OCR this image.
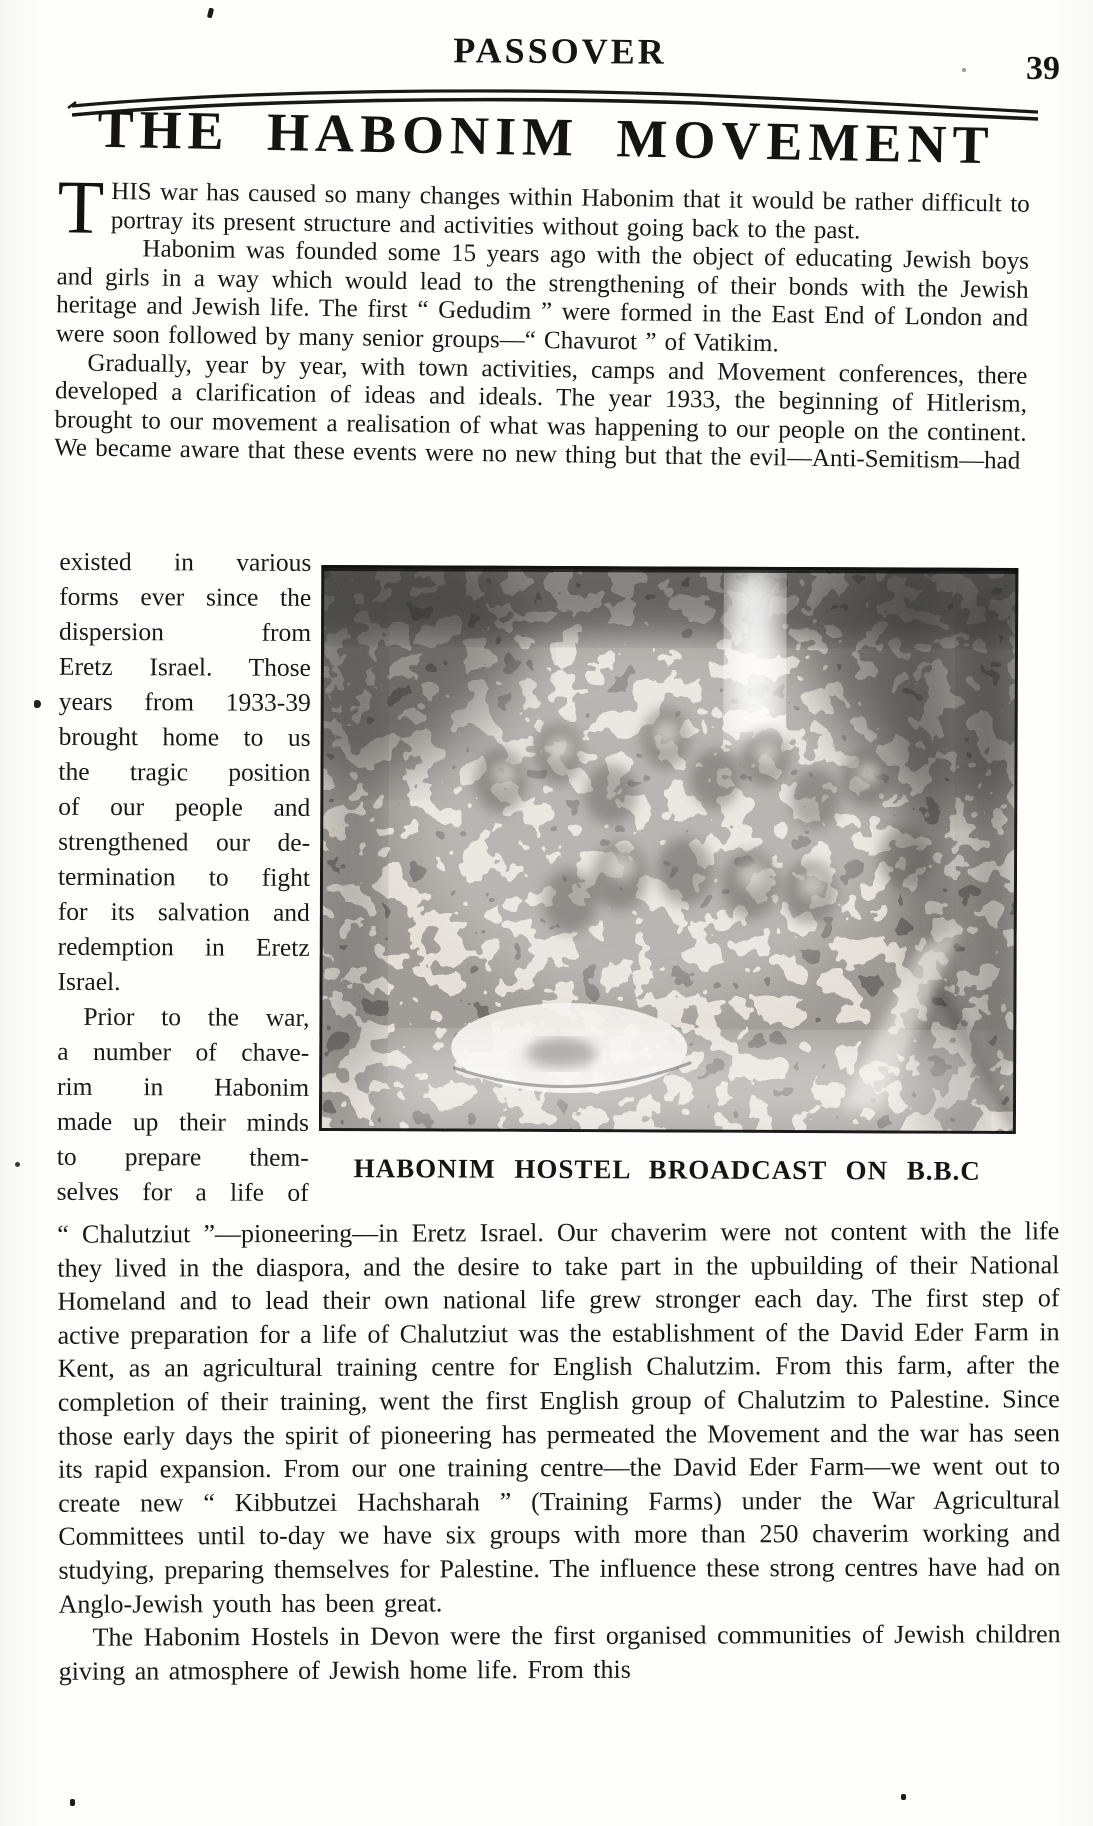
PASSOVER	39
THE HABONIM MOVEMENT

THIS war has caused so many changes within Habonim that it would be rather difficult to portray its present structure and activities without going back to the past.

Habonim was founded some 15 years ago with the object of educating Jewish boys and girls in a way which would lead to the strengthening of their bonds with the Jewish heritage and Jewish life. The first “ Gedudim ” were formed in the East End of London and were soon followed by many senior groups—“ Chavurot ” of Vatikim.

Gradually, year by year, with town activities, camps and Movement conferences, there developed a clarification of ideas and ideals. The year 1933, the beginning of Hitlerism, brought to our movement a realisation of what was happening to our people on the continent. We became aware that these events were no new thing but that the evil—Anti-Semitism—had

existed in various
forms ever since the
dispersion from
Eretz Israel. Those
years from 1933-39
brought home to us
the tragic position
of our people and
strengthened our de-
termination to fight
for its salvation and
redemption in Eretz
Israel.
Prior to the war,
a number of chave-
rim in Habonim
made up their minds
to prepare them-
selves for a life of
HABONIM HOSTEL BROADCAST ON B.B.C

“ Chalutziut ”—pioneering—in Eretz Israel. Our chaverim were not content with the life they lived in the diaspora, and the desire to take part in the upbuilding of their National Homeland and to lead their own national life grew stronger each day. The first step of active preparation for a life of Chalutziut was the establishment of the David Eder Farm in Kent, as an agricultural training centre for English Chalutzim. From this farm, after the completion of their training, went the first English group of Chalutzim to Palestine. Since those early days the spirit of pioneering has permeated the Movement and the war has seen its rapid expansion. From our one training centre—the David Eder Farm—we went out to create new “ Kibbutzei Hachsharah ” (Training Farms) under the War Agricultural Committees until to-day we have six groups with more than 250 chaverim working and studying, preparing themselves for Palestine. The influence these strong centres have had on Anglo-Jewish youth has been great.

The Habonim Hostels in Devon were the first organised communities of Jewish children giving an atmosphere of Jewish home life. From this
